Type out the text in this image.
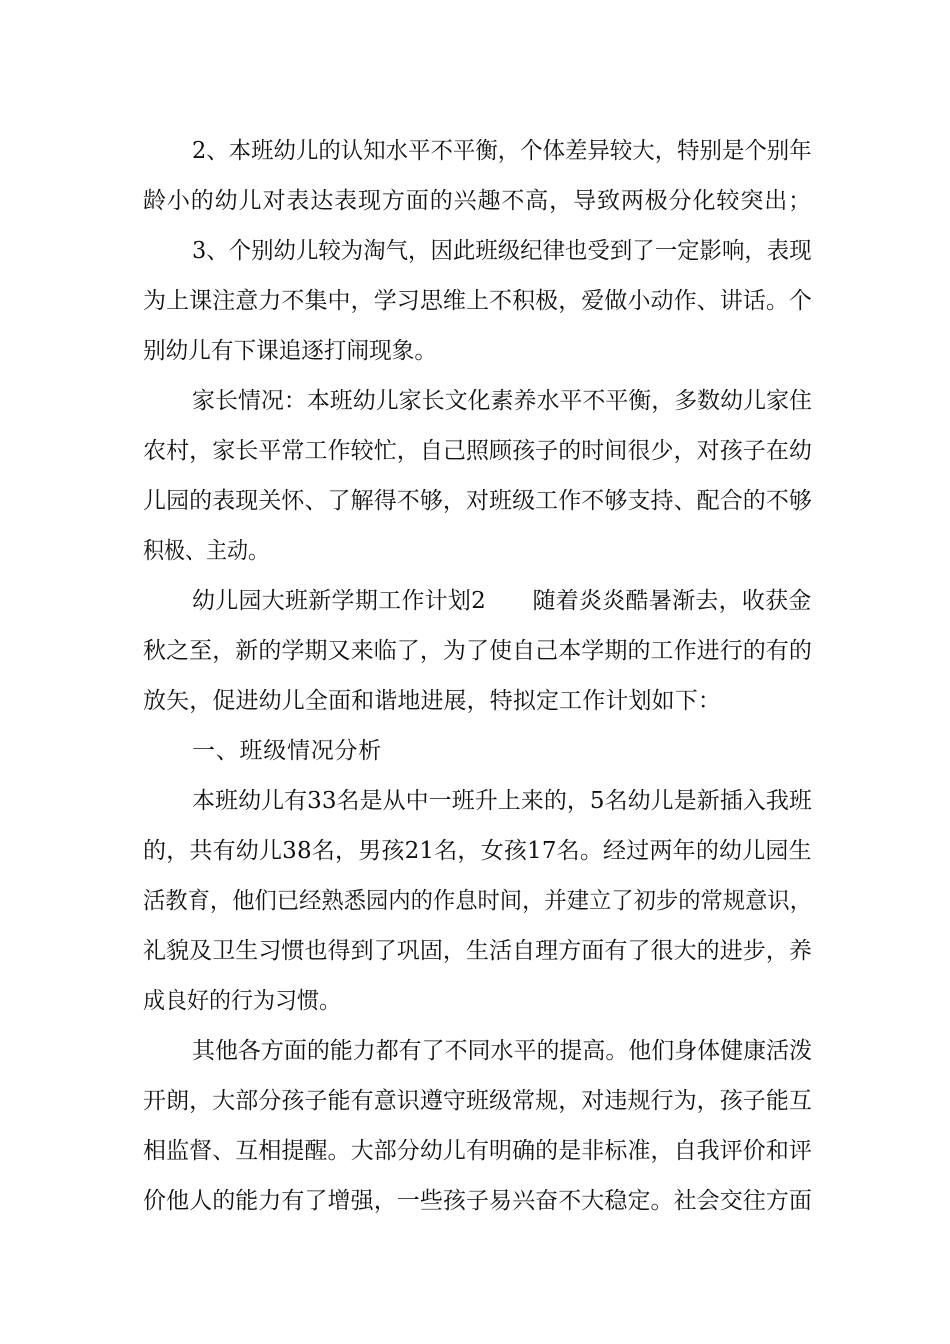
2、本班幼儿的认知水平不平衡，个体差异较大，特别是个别年
龄小的幼儿对表达表现方面的兴趣不高，导致两极分化较突出；
3、个别幼儿较为淘气，因此班级纪律也受到了一定影响，表现
为上课注意力不集中，学习思维上不积极，爱做小动作、讲话。个
别幼儿有下课追逐打闹现象。
家长情况：本班幼儿家长文化素养水平不平衡，多数幼儿家住
农村，家长平常工作较忙，自己照顾孩子的时间很少，对孩子在幼
儿园的表现关怀、了解得不够，对班级工作不够支持、配合的不够
积极、主动。
幼儿园大班新学期工作计划2　　随着炎炎酷暑渐去，收获金
秋之至，新的学期又来临了，为了使自己本学期的工作进行的有的
放矢，促进幼儿全面和谐地进展，特拟定工作计划如下：
一、班级情况分析
本班幼儿有33名是从中一班升上来的，5名幼儿是新插入我班
的，共有幼儿38名，男孩21名，女孩17名。经过两年的幼儿园生
活教育，他们已经熟悉园内的作息时间，并建立了初步的常规意识，
礼貌及卫生习惯也得到了巩固，生活自理方面有了很大的进步，养
成良好的行为习惯。
其他各方面的能力都有了不同水平的提高。他们身体健康活泼
开朗，大部分孩子能有意识遵守班级常规，对违规行为，孩子能互
相监督、互相提醒。大部分幼儿有明确的是非标准，自我评价和评
价他人的能力有了增强，一些孩子易兴奋不大稳定。社会交往方面
